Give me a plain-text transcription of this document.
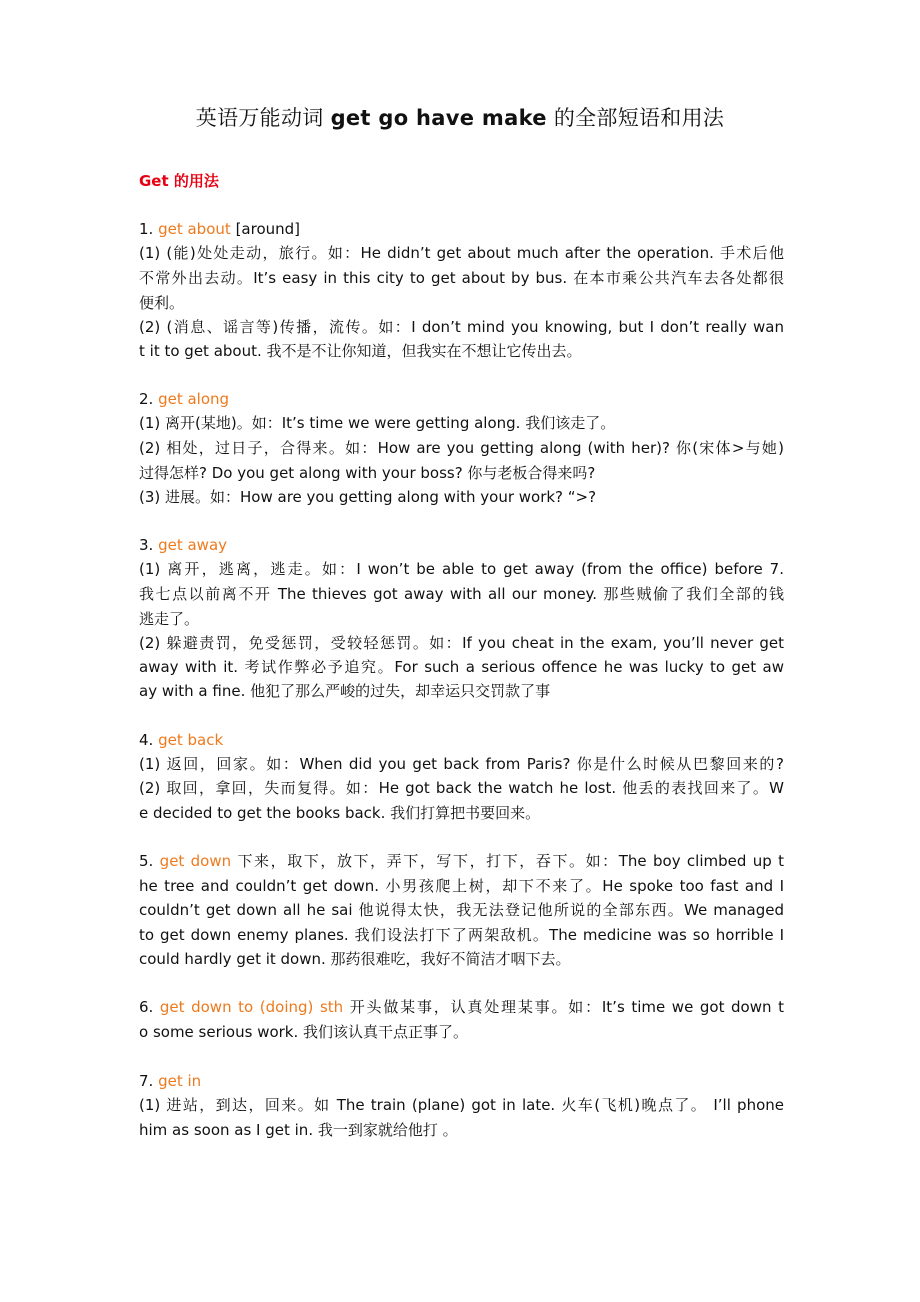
英语万能动词 get go have make 的全部短语和用法
Get 的用法
1. get about [around]
(1) (能)处处走动，旅行。如：He didn’t get about much after the operation. 手术后他
不常外出去动。It’s easy in this city to get about by bus. 在本市乘公共汽车去各处都很
便利。
(2) (消息、谣言等)传播，流传。如：I don’t mind you knowing, but I don’t really wan
t it to get about. 我不是不让你知道，但我实在不想让它传出去。
2. get along
(1) 离开(某地)。如：It’s time we were getting along. 我们该走了。
(2) 相处，过日子，合得来。如：How are you getting along (with her)? 你(宋体>与她)
过得怎样? Do you get along with your boss? 你与老板合得来吗?
(3) 进展。如：How are you getting along with your work? “>?
3. get away
(1) 离开，逃离，逃走。如：I won’t be able to get away (from the office) before 7.
我七点以前离不开 The thieves got away with all our money. 那些贼偷了我们全部的钱
逃走了。
(2) 躲避责罚，免受惩罚，受较轻惩罚。如：If you cheat in the exam, you’ll never get
away with it. 考试作弊必予追究。For such a serious offence he was lucky to get aw
ay with a fine. 他犯了那么严峻的过失，却幸运只交罚款了事
4. get back
(1) 返回，回家。如：When did you get back from Paris? 你是什么时候从巴黎回来的?
(2) 取回，拿回，失而复得。如：He got back the watch he lost. 他丢的表找回来了。W
e decided to get the books back. 我们打算把书要回来。
5. get down 下来，取下，放下，弄下，写下，打下，吞下。如：The boy climbed up t
he tree and couldn’t get down. 小男孩爬上树，却下不来了。He spoke too fast and I
couldn’t get down all he sai 他说得太快，我无法登记他所说的全部东西。We managed
to get down enemy planes. 我们设法打下了两架敌机。The medicine was so horrible I
could hardly get it down. 那药很难吃，我好不简洁才咽下去。
6. get down to (doing) sth 开头做某事，认真处理某事。如：It’s time we got down t
o some serious work. 我们该认真干点正事了。
7. get in
(1) 进站，到达，回来。如 The train (plane) got in late. 火车(飞机)晚点了。 I’ll phone
him as soon as I get in. 我一到家就给他打 。
